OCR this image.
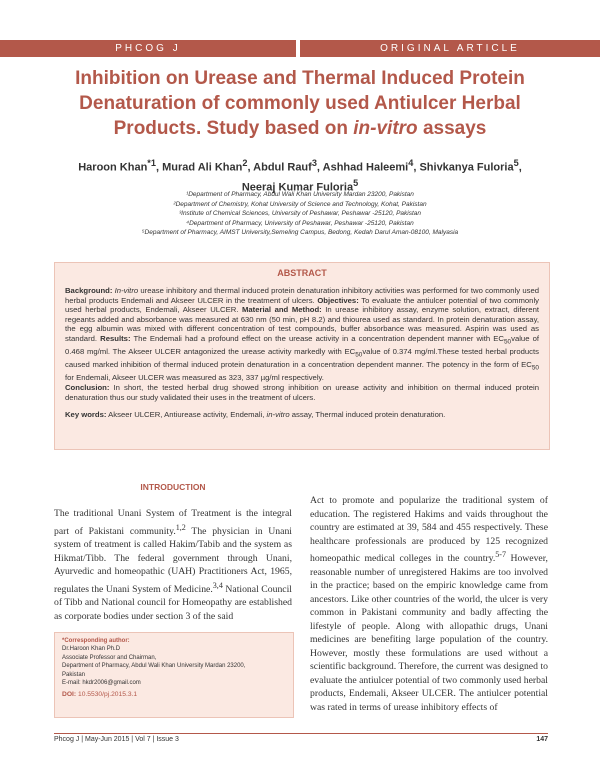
PHCOG J	ORIGINAL ARTICLE
Inhibition on Urease and Thermal Induced Protein Denaturation of commonly used Antiulcer Herbal Products. Study based on in-vitro assays
Haroon Khan$^{*1}$, Murad Ali Khan$^2$, Abdul Rauf$^3$, Ashhad Haleemi$^4$, Shivkanya Fuloria$^5$,
Neeraj Kumar Fuloria$^5$
¹Department of Pharmacy, Abdul Wali Khan University Mardan 23200, Pakistan
²Department of Chemistry, Kohat University of Science and Technology, Kohat, Pakistan
³Institute of Chemical Sciences, University of Peshawar, Peshawar -25120, Pakistan
⁴Department of Pharmacy, University of Peshawar, Peshawar -25120, Pakistan
⁵Department of Pharmacy, AIMST University,Semeling Campus, Bedong, Kedah Darul Aman-08100, Malyasia
ABSTRACT
Background: In-vitro urease inhibitory and thermal induced protein denaturation inhibitory activities was performed for two commonly used herbal products Endemali and Akseer ULCER in the treatment of ulcers. Objectives: To evaluate the antiulcer potential of two commonly used herbal products, Endemali, Akseer ULCER. Material and Method: In urease inhibitory assay, enzyme solution, extract, diferent regeants added and absorbance was measured at 630 nm (50 min, pH 8.2) and thiourea used as standard. In protein denaturation assay, the egg albumin was mixed with different concentration of test compounds, buffer absorbance was measured. Aspirin was used as standard. Results: The Endemali had a profound effect on the urease activity in a concentration dependent manner with $EC_{50}value$ of 0.468 mg/ml. The Akseer ULCER antagonized the urease activity markedly with $EC_{50}value$ of 0.374 mg/ml.These tested herbal products caused marked inhibition of thermal induced protein denaturation in a concentration dependent manner. The potency in the form of $EC_{50}$ for Endemali, Akseer ULCER was measured as 323, 337 µg/ml respectively.
Conclusion: In short, the tested herbal drug showed strong inhibition on urease activity and inhibition on thermal induced protein denaturation thus our study validated their uses in the treatment of ulcers.
Key words: Akseer ULCER, Antiurease activity, Endemali, in-vitro assay, Thermal induced protein denaturation.
INTRODUCTION
The traditional Unani System of Treatment is the integral part of Pakistani community.$^{1,2}$ The physician in Unani system of treatment is called Hakim/Tabib and the system as Hikmat/Tibb. The federal government through Unani, Ayurvedic and homeopathic (UAH) Practitioners Act, 1965, regulates the Unani System of Medicine.$^{3,4}$ National Council of Tibb and National council for Homeopathy are established as corporate bodies under section 3 of the said
Act to promote and popularize the traditional system of education. The registered Hakims and vaids throughout the country are estimated at 39, 584 and 455 respectively. These healthcare professionals are produced by 125 recognized homeopathic medical colleges in the country.$^{5-7}$ However, reasonable number of unregistered Hakims are too involved in the practice; based on the empiric knowledge came from ancestors. Like other countries of the world, the ulcer is very common in Pakistani community and badly affecting the lifestyle of people. Along with allopathic drugs, Unani medicines are benefiting large population of the country. However, mostly these formulations are used without a scientific background. Therefore, the current was designed to evaluate the antiulcer potential of two commonly used herbal products, Endemali, Akseer ULCER. The antiulcer potential was rated in terms of urease inhibitory effects of
*Corresponding author:
Dr.Haroon Khan Ph.D
Associate Professor and Chairman,
Department of Pharmacy, Abdul Wali Khan University Mardan 23200,
Pakistan
E-mail: hkdr2006@gmail.com
DOI: 10.5530/pj.2015.3.1
Phcog J | May-Jun 2015 | Vol 7 | Issue 3	147
